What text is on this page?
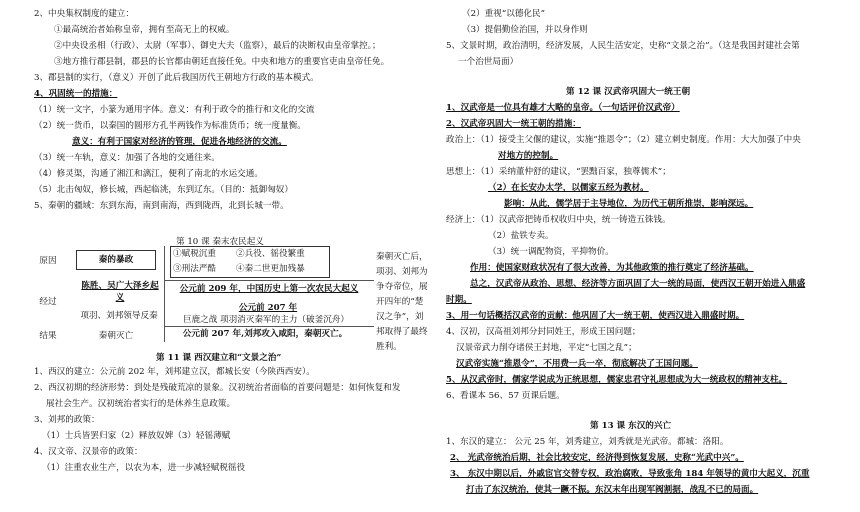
2、中央集权制度的建立：
①最高统治者始称皇帝，拥有至高无上的权威。
②中央设丞相（行政）、太尉（军事）、御史大夫（监察），最后的决断权由皇帝掌控。；
③地方推行郡县制，郡县的长官都由朝廷直接任免。中央和地方的重要官吏由皇帝任免。
3、郡县制的实行，（意义）开创了此后我国历代王朝地方行政的基本模式。
4、巩固统一的措施：
（1）统一文字，小篆为通用字体。意义：有利于政令的推行和文化的交流
（2）统一货币，以秦国的圆形方孔半两钱作为标准货币；统一度量衡。
意义：有利于国家对经济的管理，促进各地经济的交流。
（3）统一车轨，意义：加强了各地的交通往来。
（4）修灵渠，沟通了湘江和漓江，便利了南北的水运交通。
（5）北击匈奴，修长城，西起临洮，东到辽东。（目的：抵御匈奴）
5、秦朝的疆域：东到东海，南到南海，西到陇西，北到长城一带。
第 10 课 秦末农民起义
原因	秦的暴政
①赋税沉重	②兵役、徭役繁重
③刑法严酷	④秦二世更加残暴
经过
陈胜、吴广大泽乡起义
项羽、刘邦领导反秦
公元前 209 年，中国历史上第一次农民大起义
公元前 207 年
巨鹿之战 项羽消灭秦军的主力（破釜沉舟）
结果	秦朝灭亡	公元前 207 年,刘邦攻入咸阳，秦朝灭亡。
秦朝灭亡后，
项羽、刘邦为
争夺帝位，展
开四年的“楚
汉之争”，刘
邦取得了最终
胜利。
第 11 课 西汉建立和“文景之治”
1、西汉的建立：公元前 202 年，刘邦建立汉，都城长安（今陕西西安）。
2、西汉初期的经济形势：到处是残破荒凉的景象。汉初统治者面临的首要问题是：如何恢复和发
展社会生产。汉初统治者实行的是休养生息政策。
3、刘邦的政策：
（1）士兵皆罢归家（2）释放奴婢（3）轻徭薄赋
4、汉文帝、汉景帝的政策：
（1）注重农业生产，以农为本，进一步减轻赋税徭役
（2）重视“以德化民”
（3）提倡勤俭治国，并以身作则
5、文景时期，政治清明，经济发展，人民生活安定，史称“文景之治”。（这是我国封建社会第
一个治世局面）
第 12 课 汉武帝巩固大一统王朝
1、汉武帝是一位具有雄才大略的皇帝。（一句话评价汉武帝）
2、汉武帝巩固大一统王朝的措施：
政治上：（1）接受主父偃的建议，实施“推恩令”；（2）建立刺史制度。作用：大大加强了中央
对地方的控制。
思想上：（1）采纳董仲舒的建议，“罢黜百家，独尊儒术”；
（2）在长安办太学，以儒家五经为教材。
影响：从此，儒学居于主导地位，为历代王朝所推崇，影响深远。
经济上：（1）汉武帝把铸币权收归中央，统一铸造五铢钱。
（2）盐铁专卖。
（3）统一调配物资，平抑物价。
作用：使国家财政状况有了很大改善，为其他政策的推行奠定了经济基础。
总之，汉武帝从政治、思想、经济等方面巩固了大一统的局面，使西汉王朝开始进入鼎盛
时期。
3、用一句话概括汉武帝的贡献：他巩固了大一统王朝，使西汉进入鼎盛时期。
4、汉初，汉高祖刘邦分封同姓王，形成王国问题；
汉景帝武力削夺诸侯王封地，平定“七国之乱”；
汉武帝实施“推恩令”，不用费一兵一卒，彻底解决了王国问题。
5、从汉武帝时，儒家学说成为正统思想，儒家忠君守礼思想成为大一统政权的精神支柱。
6、看课本 56、57 页课后题。
第 13 课 东汉的兴亡
1、东汉的建立： 公元 25 年，刘秀建立，刘秀就是光武帝。都城：洛阳。
2、 光武帝统治后期，社会比较安定，经济得到恢复发展，史称“光武中兴”。
3、 东汉中期以后，外戚宦官交替专权，政治腐败，导致张角 184 年领导的黄巾大起义，沉重
打击了东汉统治，使其一蹶不振。东汉末年出现军阀割据，战乱不已的局面。
